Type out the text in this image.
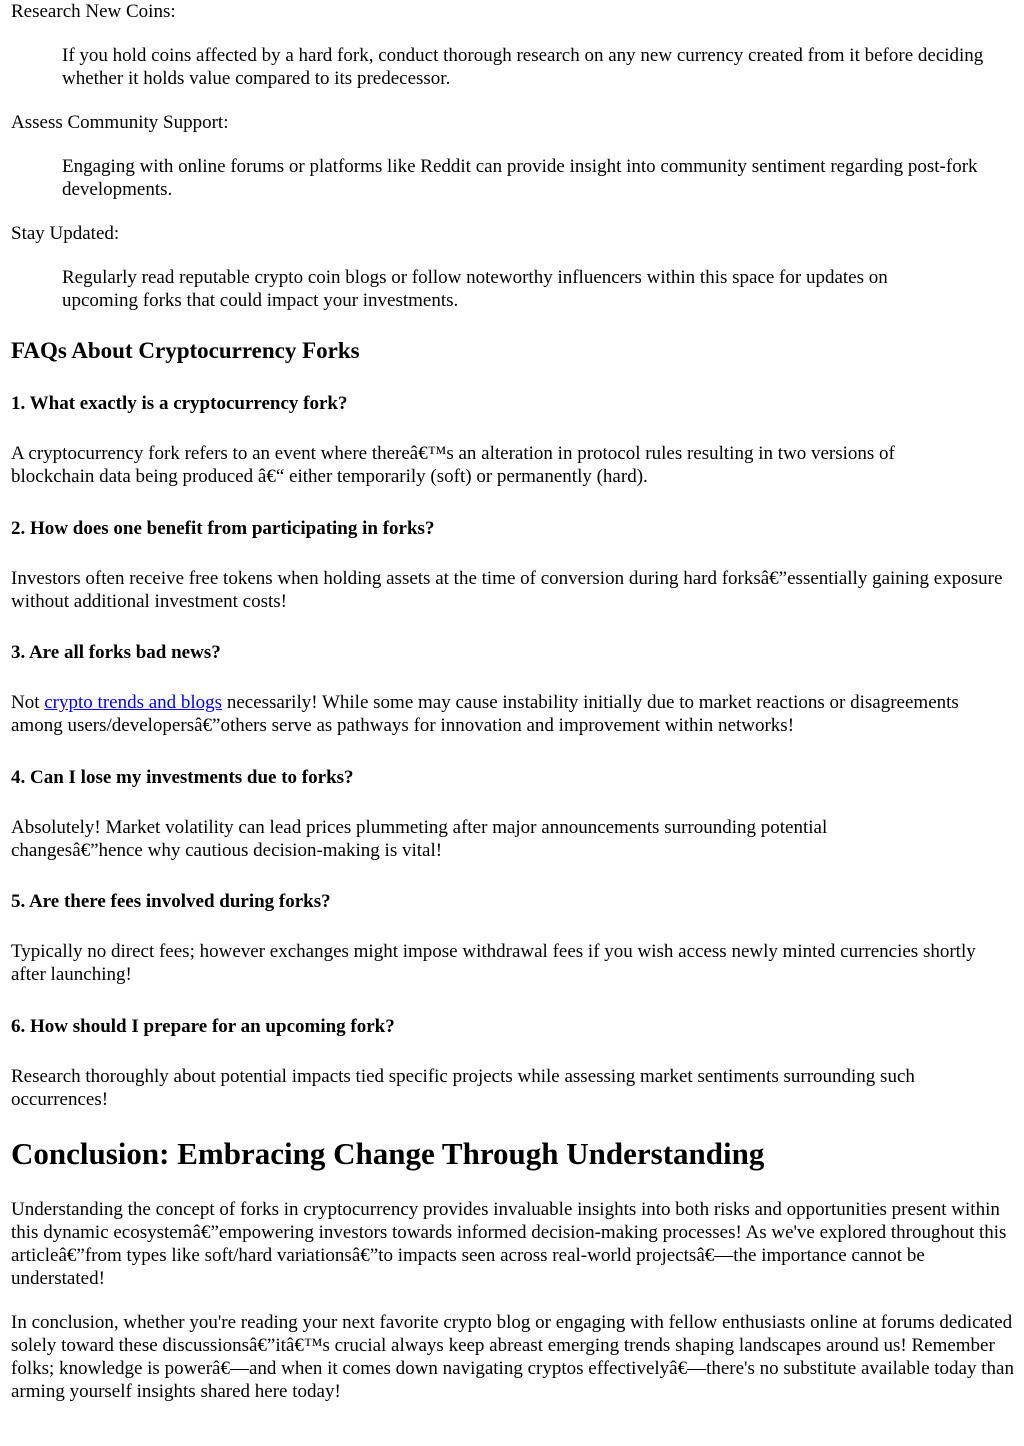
Research New Coins:
If you hold coins affected by a hard fork, conduct thorough research on any new currency created from it before deciding whether it holds value compared to its predecessor.
Assess Community Support:
Engaging with online forums or platforms like Reddit can provide insight into community sentiment regarding post-fork developments.
Stay Updated:
Regularly read reputable crypto coin blogs or follow noteworthy influencers within this space for updates on upcoming forks that could impact your investments.
FAQs About Cryptocurrency Forks
1. What exactly is a cryptocurrency fork?

A cryptocurrency fork refers to an event where thereâ€™s an alteration in protocol rules resulting in two versions of blockchain data being produced â€“ either temporarily (soft) or permanently (hard).

2. How does one benefit from participating in forks?

Investors often receive free tokens when holding assets at the time of conversion during hard forksâ€”essentially gaining exposure without additional investment costs!

3. Are all forks bad news?

Not crypto trends and blogs necessarily! While some may cause instability initially due to market reactions or disagreements among users/developersâ€”others serve as pathways for innovation and improvement within networks!

4. Can I lose my investments due to forks?

Absolutely! Market volatility can lead prices plummeting after major announcements surrounding potential changesâ€”hence why cautious decision-making is vital!

5. Are there fees involved during forks?

Typically no direct fees; however exchanges might impose withdrawal fees if you wish access newly minted currencies shortly after launching!

6. How should I prepare for an upcoming fork?

Research thoroughly about potential impacts tied specific projects while assessing market sentiments surrounding such occurrences!

Conclusion: Embracing Change Through Understanding

Understanding the concept of forks in cryptocurrency provides invaluable insights into both risks and opportunities present within this dynamic ecosystemâ€”empowering investors towards informed decision-making processes! As we've explored throughout this articleâ€”from types like soft/hard variationsâ€”to impacts seen across real-world projectsâ€—the importance cannot be understated!

In conclusion, whether you're reading your next favorite crypto blog or engaging with fellow enthusiasts online at forums dedicated solely toward these discussionsâ€”itâ€™s crucial always keep abreast emerging trends shaping landscapes around us! Remember folks; knowledge is powerâ€—and when it comes down navigating cryptos effectivelyâ€—there's no substitute available today than arming yourself insights shared here today!
